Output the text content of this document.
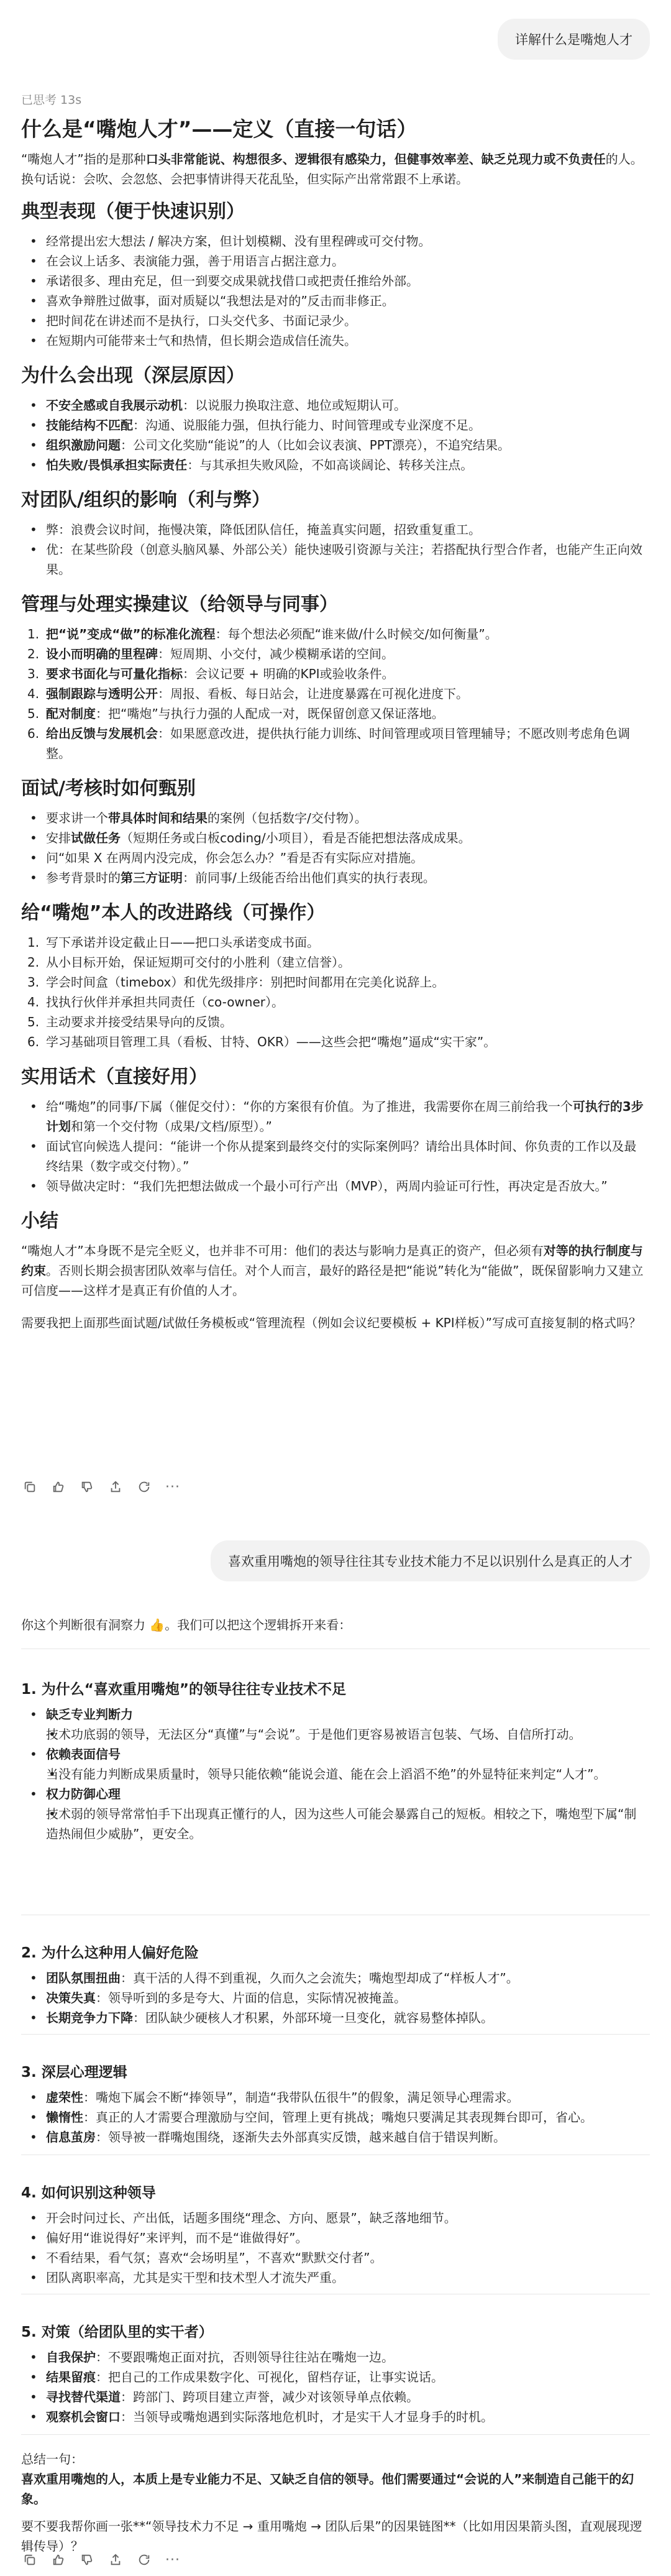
详解什么是嘴炮人才
已思考 13s
什么是“嘴炮人才”——定义（直接一句话）

“嘴炮人才”指的是那种口头非常能说、构想很多、逻辑很有感染力，但健事效率差、缺乏兑现力或不负责任的人。换句话说：会吹、会忽悠、会把事情讲得天花乱坠，但实际产出常常跟不上承诺。

典型表现（便于快速识别）
• 经常提出宏大想法 / 解决方案，但计划模糊、没有里程碑或可交付物。
• 在会议上话多、表演能力强，善于用语言占据注意力。
• 承诺很多、理由充足，但一到要交成果就找借口或把责任推给外部。
• 喜欢争辩胜过做事，面对质疑以“我想法是对的”反击而非修正。
• 把时间花在讲述而不是执行，口头交代多、书面记录少。
• 在短期内可能带来士气和热情，但长期会造成信任流失。
为什么会出现（深层原因）
• 不安全感或自我展示动机：以说服力换取注意、地位或短期认可。
• 技能结构不匹配：沟通、说服能力强，但执行能力、时间管理或专业深度不足。
• 组织激励问题：公司文化奖励“能说”的人（比如会议表演、PPT漂亮），不追究结果。
• 怕失败/畏惧承担实际责任：与其承担失败风险，不如高谈阔论、转移关注点。
对团队/组织的影响（利与弊）
• 弊：浪费会议时间，拖慢决策，降低团队信任，掩盖真实问题，招致重复重工。
• 优：在某些阶段（创意头脑风暴、外部公关）能快速吸引资源与关注；若搭配执行型合作者，也能产生正向效果。
管理与处理实操建议（给领导与同事）
1. 把“说”变成“做”的标准化流程：每个想法必须配“谁来做/什么时候交/如何衡量”。
2. 设小而明确的里程碑：短周期、小交付，减少模糊承诺的空间。
3. 要求书面化与可量化指标：会议记要 + 明确的KPI或验收条件。
4. 强制跟踪与透明公开：周报、看板、每日站会，让进度暴露在可视化进度下。
5. 配对制度：把“嘴炮”与执行力强的人配成一对，既保留创意又保证落地。
6. 给出反馈与发展机会：如果愿意改进，提供执行能力训练、时间管理或项目管理辅导；不愿改则考虑角色调整。
面试/考核时如何甄别
• 要求讲一个带具体时间和结果的案例（包括数字/交付物）。
• 安排试做任务（短期任务或白板coding/小项目），看是否能把想法落成成果。
• 问“如果 X 在两周内没完成，你会怎么办？”看是否有实际应对措施。
• 参考背景时的第三方证明：前同事/上级能否给出他们真实的执行表现。
给“嘴炮”本人的改进路线（可操作）
1. 写下承诺并设定截止日——把口头承诺变成书面。
2. 从小目标开始，保证短期可交付的小胜利（建立信誉）。
3. 学会时间盒（timebox）和优先级排序：别把时间都用在完美化说辞上。
4. 找执行伙伴并承担共同责任（co-owner）。
5. 主动要求并接受结果导向的反馈。
6. 学习基础项目管理工具（看板、甘特、OKR）——这些会把“嘴炮”逼成“实干家”。
实用话术（直接好用）
• 给“嘴炮”的同事/下属（催促交付）：“你的方案很有价值。为了推进，我需要你在周三前给我一个可执行的3步计划和第一个交付物（成果/文档/原型）。”
• 面试官向候选人提问：“能讲一个你从提案到最终交付的实际案例吗？请给出具体时间、你负责的工作以及最终结果（数字或交付物）。”
• 领导做决定时：“我们先把想法做成一个最小可行产出（MVP），两周内验证可行性，再决定是否放大。”
小结

“嘴炮人才”本身既不是完全贬义，也并非不可用：他们的表达与影响力是真正的资产，但必须有对等的执行制度与约束。否则长期会损害团队效率与信任。对个人而言，最好的路径是把“能说”转化为“能做”，既保留影响力又建立可信度——这样才是真正有价值的人才。

需要我把上面那些面试题/试做任务模板或“管理流程（例如会议纪要模板 + KPI样板）”写成可直接复制的格式吗？

···
喜欢重用嘴炮的领导往往其专业技术能力不足以识别什么是真正的人才

你这个判断很有洞察力 👍。我们可以把这个逻辑拆开来看：

1. 为什么“喜欢重用嘴炮”的领导往往专业技术不足
• 缺乏专业判断力
• 技术功底弱的领导，无法区分“真懂”与“会说”。于是他们更容易被语言包装、气场、自信所打动。
• 依赖表面信号
• 当没有能力判断成果质量时，领导只能依赖“能说会道、能在会上滔滔不绝”的外显特征来判定“人才”。
• 权力防御心理
• 技术弱的领导常常怕手下出现真正懂行的人，因为这些人可能会暴露自己的短板。相较之下，嘴炮型下属“制造热闹但少威胁”，更安全。
2. 为什么这种用人偏好危险
• 团队氛围扭曲：真干活的人得不到重视，久而久之会流失；嘴炮型却成了“样板人才”。
• 决策失真：领导听到的多是夸大、片面的信息，实际情况被掩盖。
• 长期竞争力下降：团队缺少硬核人才积累，外部环境一旦变化，就容易整体掉队。
3. 深层心理逻辑
• 虚荣性：嘴炮下属会不断“捧领导”，制造“我带队伍很牛”的假象，满足领导心理需求。
• 懒惰性：真正的人才需要合理激励与空间，管理上更有挑战；嘴炮只要满足其表现舞台即可，省心。
• 信息茧房：领导被一群嘴炮围绕，逐渐失去外部真实反馈，越来越自信于错误判断。
4. 如何识别这种领导
• 开会时问过长、产出低，话题多围绕“理念、方向、愿景”，缺乏落地细节。
• 偏好用“谁说得好”来评判，而不是“谁做得好”。
• 不看结果，看气氛；喜欢“会场明星”，不喜欢“默默交付者”。
• 团队离职率高，尤其是实干型和技术型人才流失严重。
5. 对策（给团队里的实干者）
• 自我保护：不要跟嘴炮正面对抗，否则领导往往站在嘴炮一边。
• 结果留痕：把自己的工作成果数字化、可视化，留档存证，让事实说话。
• 寻找替代渠道：跨部门、跨项目建立声誉，减少对该领导单点依赖。
• 观察机会窗口：当领导或嘴炮遇到实际落地危机时，才是实干人才显身手的时机。

总结一句：

喜欢重用嘴炮的人，本质上是专业能力不足、又缺乏自信的领导。他们需要通过“会说的人”来制造自己能干的幻象。

要不要我帮你画一张**“领导技术力不足 → 重用嘴炮 → 团队后果”的因果链图**（比如用因果箭头图，直观展现逻辑传导）？

···
